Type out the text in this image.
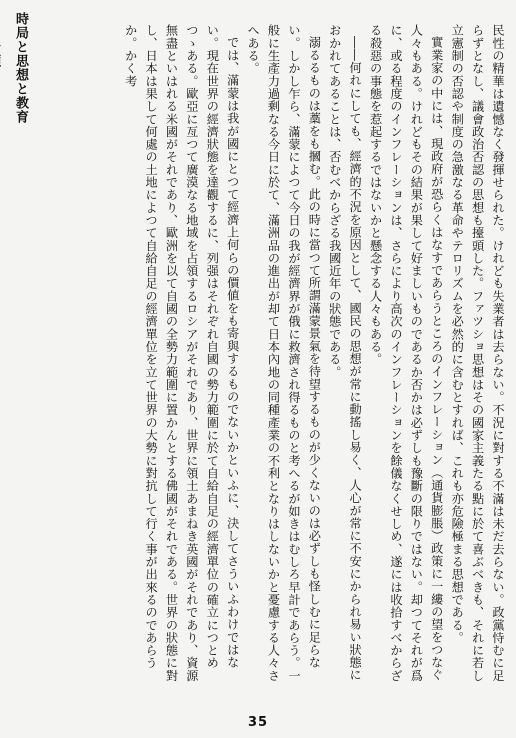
時局と思想と教育	民性の精華は遺憾なく發揮せられた。けれども失業者は去らない。不況に對する不滿は未だ去らない。政黨恃むに足らずとなし、議會政治否認の思想も擡頭した。ファツショ思想はその國家主義たる點に於て喜ぶべきも、それに若し立憲制の否認や制度の急激なる革命やテロリズムを必然的に含むとすれば、これも亦危險極まる思想である。

實業家の中には、現政府が恐らくはなすであらうところのインフレーション（通貨膨脹）政策に一縷の望をつなぐ人々もある。けれどもその結果が果して好ましいものであるか否かは必ずしも豫斷の限りではない。却つてそれが爲に、或る程度のインフレーションは、さらにより高次のインフレーションを餘儀なくせしめ、遂には收拾すべからざる殺惡の事態を惹起するではないかと懸念する人々もある。

――何れにしても、經濟的不況を原因として、國民の思想が常に動搖し易く、人心が常に不安にかられ易い狀態におかれてあることは、否むべからざる我國近年の狀態である。

溺るるものは藁をも摑む。此の時に當つて所謂滿蒙景氣を待望するものが少くないのは必ずしも怪しむに足らない。しかし乍ら、滿蒙によつて今日の我が經濟界が俄に救濟され得るものと考へるが如きはむしろ早計であらう。一般に生產力過剩なる今日に於て、滿洲品の進出が却て日本內地の同種產業の不利となりはしないかと憂慮する人々さへある。

では、滿蒙は我が國にとつて經濟上何らの價値をも寄與するものでないかといふに、決してさういふわけではない。現在世界の經濟狀態を達觀するに、列强はそれぞれ自國の勢力範圍に於て自給自足の經濟單位の確立につとめつゝある。歐亞に亙つて廣漠なる地域を占領するロシアがそれであり、世界に領土あまねき英國がそれであり、資源無盡といはれる米國がそれであり、歐洲を以て自國の全勢力範圍に置かんとする佛國がそれである。世界の狀態に對し、日本は果して何處の土地によつて自給自足の經濟單位を立て世界の大勢に對抗して行く事が出來るのであらうか。かく考

35
